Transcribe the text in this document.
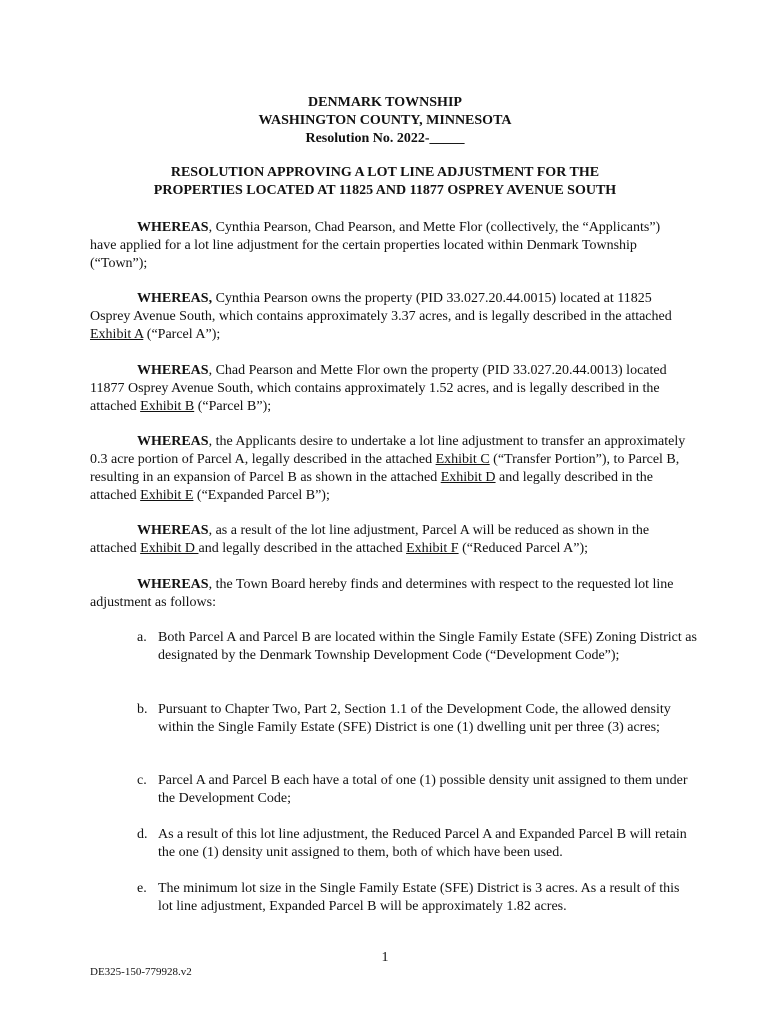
DENMARK TOWNSHIP
WASHINGTON COUNTY, MINNESOTA
Resolution No. 2022-_____
RESOLUTION APPROVING A LOT LINE ADJUSTMENT FOR THE
PROPERTIES LOCATED AT 11825 AND 11877 OSPREY AVENUE SOUTH

WHEREAS, Cynthia Pearson, Chad Pearson, and Mette Flor (collectively, the “Applicants”) have applied for a lot line adjustment for the certain properties located within Denmark Township (“Town”);

WHEREAS, Cynthia Pearson owns the property (PID 33.027.20.44.0015) located at 11825 Osprey Avenue South, which contains approximately 3.37 acres, and is legally described in the attached Exhibit A (“Parcel A”);

WHEREAS, Chad Pearson and Mette Flor own the property (PID 33.027.20.44.0013) located 11877 Osprey Avenue South, which contains approximately 1.52 acres, and is legally described in the attached Exhibit B (“Parcel B”);

WHEREAS, the Applicants desire to undertake a lot line adjustment to transfer an approximately 0.3 acre portion of Parcel A, legally described in the attached Exhibit C (“Transfer Portion”), to Parcel B, resulting in an expansion of Parcel B as shown in the attached Exhibit D and legally described in the attached Exhibit E (“Expanded Parcel B”);

WHEREAS, as a result of the lot line adjustment, Parcel A will be reduced as shown in the attached Exhibit D and legally described in the attached Exhibit F (“Reduced Parcel A”);

WHEREAS, the Town Board hereby finds and determines with respect to the requested lot line adjustment as follows:

a. Both Parcel A and Parcel B are located within the Single Family Estate (SFE) Zoning District as designated by the Denmark Township Development Code (“Development Code”);
b. Pursuant to Chapter Two, Part 2, Section 1.1 of the Development Code, the allowed density within the Single Family Estate (SFE) District is one (1) dwelling unit per three (3) acres;
c. Parcel A and Parcel B each have a total of one (1) possible density unit assigned to them under the Development Code;
d. As a result of this lot line adjustment, the Reduced Parcel A and Expanded Parcel B will retain the one (1) density unit assigned to them, both of which have been used.
e. The minimum lot size in the Single Family Estate (SFE) District is 3 acres. As a result of this lot line adjustment, Expanded Parcel B will be approximately 1.82 acres.
1
DE325-150-779928.v2
